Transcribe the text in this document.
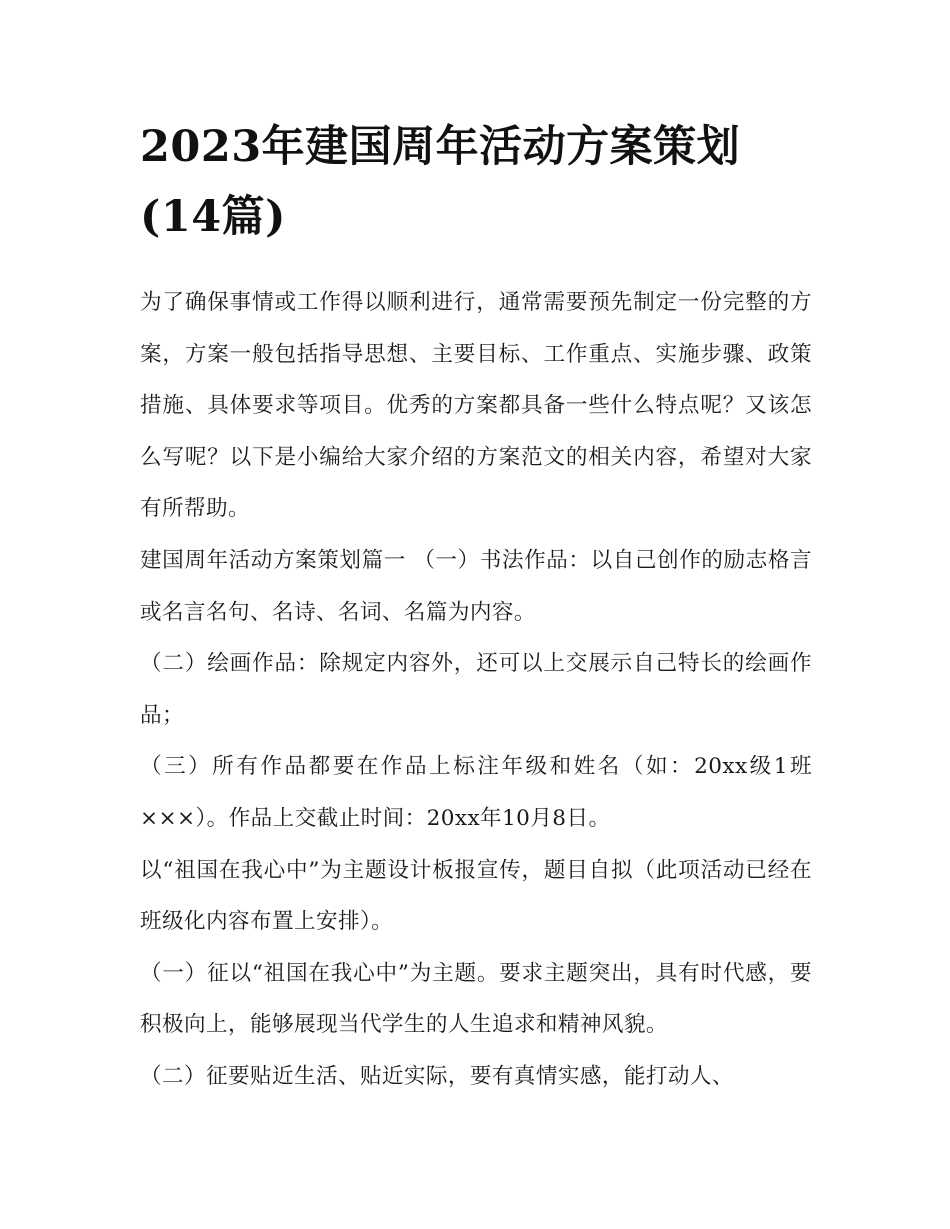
2023年建国周年活动方案策划(14篇)

为了确保事情或工作得以顺利进行，通常需要预先制定一份完整的方案，方案一般包括指导思想、主要目标、工作重点、实施步骤、政策措施、具体要求等项目。优秀的方案都具备一些什么特点呢？又该怎么写呢？以下是小编给大家介绍的方案范文的相关内容，希望对大家有所帮助。

建国周年活动方案策划篇一 （一）书法作品：以自己创作的励志格言或名言名句、名诗、名词、名篇为内容。

（二）绘画作品：除规定内容外，还可以上交展示自己特长的绘画作品；

（三）所有作品都要在作品上标注年级和姓名（如：20xx级1班×××）。作品上交截止时间：20xx年10月8日。

以“祖国在我心中”为主题设计板报宣传，题目自拟（此项活动已经在班级化内容布置上安排）。

（一）征以“祖国在我心中”为主题。要求主题突出，具有时代感，要积极向上，能够展现当代学生的人生追求和精神风貌。

（二）征要贴近生活、贴近实际，要有真情实感，能打动人、
